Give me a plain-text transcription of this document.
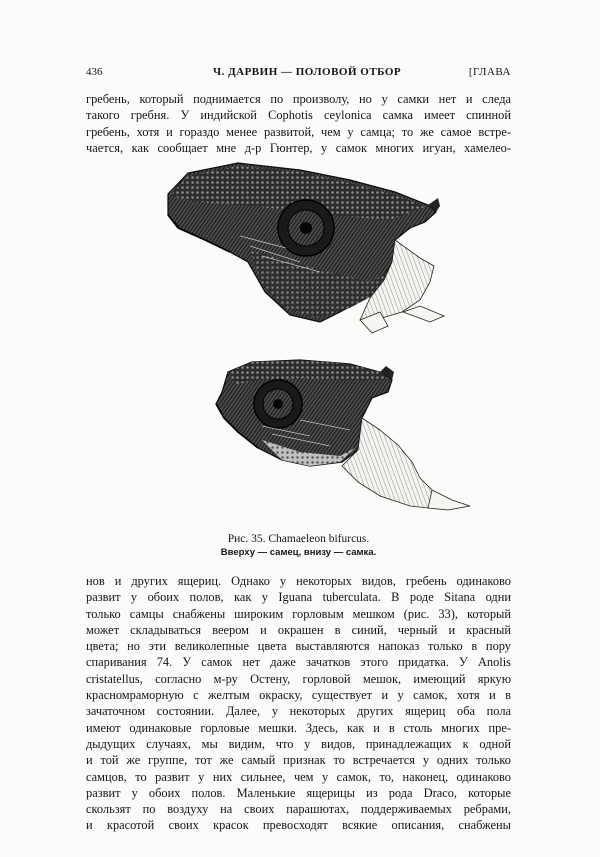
436	Ч. ДАРВИН — ПОЛОВОЙ ОТБОР	[ГЛАВА
гребень, который поднимается по произволу, но у самки нет и следа
такого гребня. У индийской Cophotis ceylonica самка имеет спинной
гребень, хотя и гораздо менее развитой, чем у самца; то же самое встре-
чается, как сообщает мне д-р Гюнтер, у самок многих игуан, хамелео-
Рис. 35. Chamaeleon bifurcus.
Вверху — самец, внизу — самка.
нов и других ящериц. Однако у некоторых видов, гребень одинаково
развит у обоих полов, как у Iguana tuberculata. В роде Sitana одни
только самцы снабжены широким горловым мешком (рис. 33), который
может складываться веером и окрашен в синий, черный и красный
цвета; но эти великолепные цвета выставляются напоказ только в пору
спаривания 74. У самок нет даже зачатков этого придатка. У Anolis
cristatellus, согласно м-ру Остену, горловой мешок, имеющий яркую
красномраморную с желтым окраску, существует и у самок, хотя и в
зачаточном состоянии. Далее, у некоторых других ящериц оба пола
имеют одинаковые горловые мешки. Здесь, как и в столь многих пре-
дыдущих случаях, мы видим, что у видов, принадлежащих к одной
и той же группе, тот же самый признак то встречается у одних только
самцов, то развит у них сильнее, чем у самок, то, наконец, одинаково
развит у обоих полов. Маленькие ящерицы из рода Draco, которые
скользят по воздуху на своих парашютах, поддерживаемых ребрами,
и красотой своих красок превосходят всякие описания, снабжены
